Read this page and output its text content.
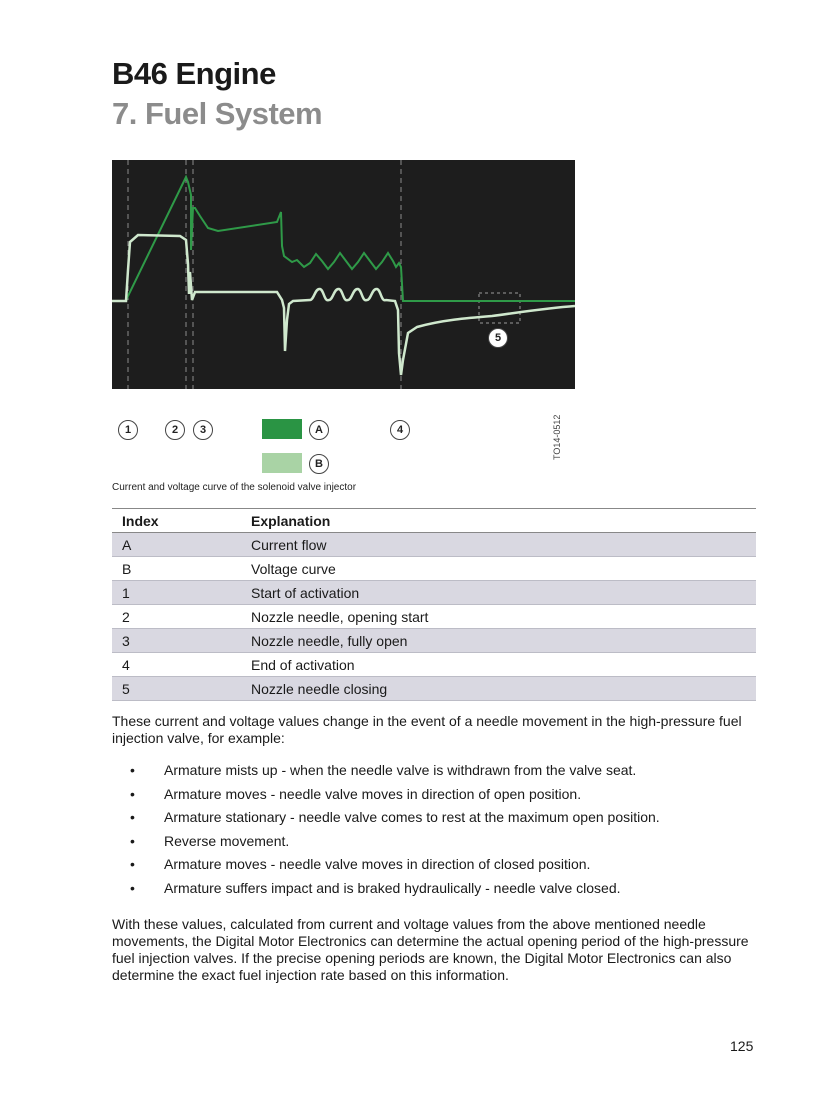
B46 Engine
7. Fuel System
1	2	3	A	4
B
5
TO14-0512
Current and voltage curve of the solenoid valve injector
Index	Explanation
A	Current flow
B	Voltage curve
1	Start of activation
2	Nozzle needle, opening start
3	Nozzle needle, fully open
4	End of activation
5	Nozzle needle closing
These current and voltage values change in the event of a needle movement in the high-pressure fuel injection valve, for example:
• Armature mists up - when the needle valve is withdrawn from the valve seat.
• Armature moves - needle valve moves in direction of open position.
• Armature stationary - needle valve comes to rest at the maximum open position.
• Reverse movement.
• Armature moves - needle valve moves in direction of closed position.
• Armature suffers impact and is braked hydraulically - needle valve closed.
With these values, calculated from current and voltage values from the above mentioned needle movements, the Digital Motor Electronics can determine the actual opening period of the high-pressure fuel injection valves. If the precise opening periods are known, the Digital Motor Electronics can also determine the exact fuel injection rate based on this information.
125
